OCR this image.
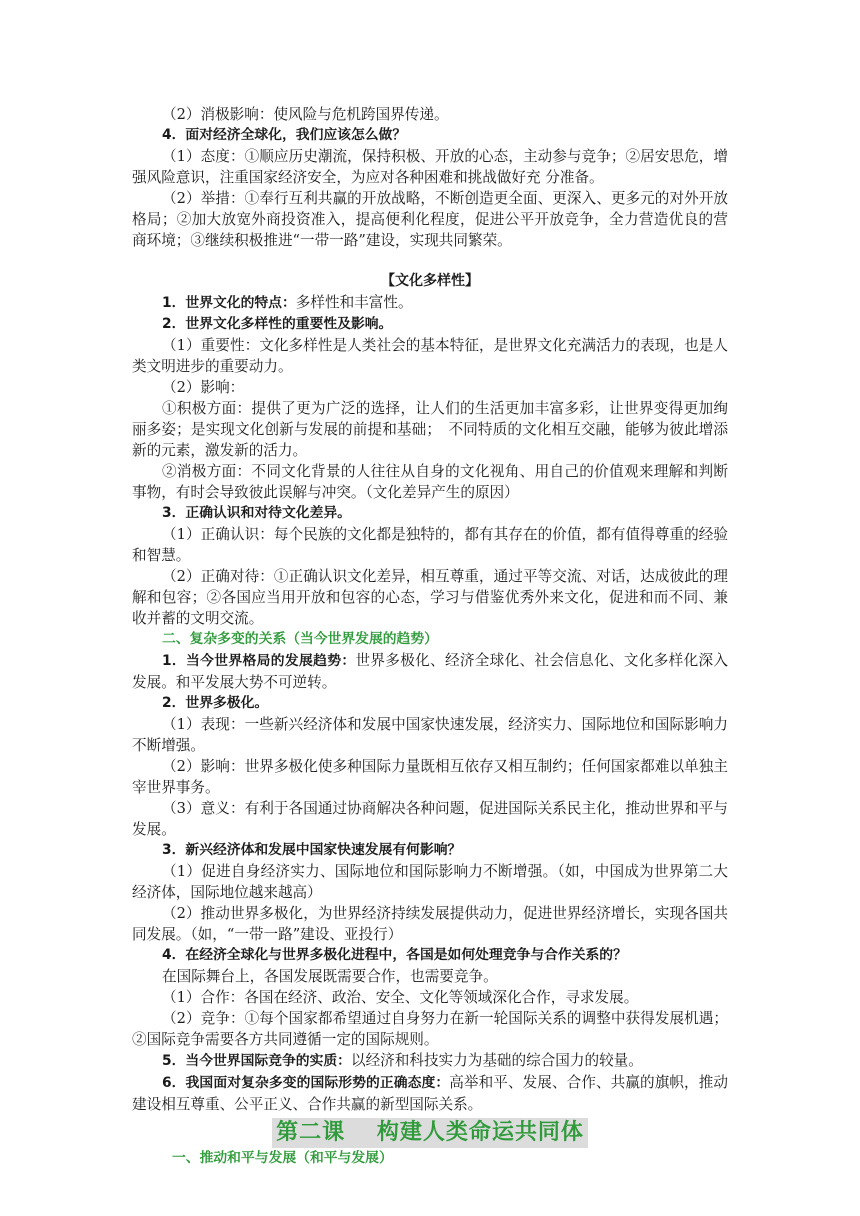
（2）消极影响：使风险与危机跨国界传递。

4．面对经济全球化，我们应该怎么做？

（1）态度：①顺应历史潮流，保持积极、开放的心态，主动参与竞争；②居安思危，增强风险意识，注重国家经济安全，为应对各种困难和挑战做好充 分准备。

（2）举措：①奉行互利共赢的开放战略，不断创造更全面、更深入、更多元的对外开放格局；②加大放宽外商投资准入，提高便利化程度，促进公平开放竞争，全力营造优良的营商环境；③继续积极推进“一带一路”建设，实现共同繁荣。

【文化多样性】

1．世界文化的特点：多样性和丰富性。

2．世界文化多样性的重要性及影响。

（1）重要性：文化多样性是人类社会的基本特征，是世界文化充满活力的表现，也是人类文明进步的重要动力。

（2）影响：

①积极方面：提供了更为广泛的选择，让人们的生活更加丰富多彩，让世界变得更加绚丽多姿；是实现文化创新与发展的前提和基础；　不同特质的文化相互交融，能够为彼此增添新的元素，激发新的活力。

②消极方面：不同文化背景的人往往从自身的文化视角、用自己的价值观来理解和判断事物，有时会导致彼此误解与冲突。（文化差异产生的原因）

3．正确认识和对待文化差异。

（1）正确认识：每个民族的文化都是独特的，都有其存在的价值，都有值得尊重的经验和智慧。

（2）正确对待：①正确认识文化差异，相互尊重，通过平等交流、对话，达成彼此的理解和包容；②各国应当用开放和包容的心态，学习与借鉴优秀外来文化，促进和而不同、兼收并蓄的文明交流。

二、复杂多变的关系（当今世界发展的趋势）

1．当今世界格局的发展趋势：世界多极化、经济全球化、社会信息化、文化多样化深入发展。和平发展大势不可逆转。

2．世界多极化。

（1）表现：一些新兴经济体和发展中国家快速发展，经济实力、国际地位和国际影响力不断增强。

（2）影响：世界多极化使多种国际力量既相互依存又相互制约；任何国家都难以单独主宰世界事务。

（3）意义：有利于各国通过协商解决各种问题，促进国际关系民主化，推动世界和平与发展。

3．新兴经济体和发展中国家快速发展有何影响？

（1）促进自身经济实力、国际地位和国际影响力不断增强。（如，中国成为世界第二大经济体，国际地位越来越高）

（2）推动世界多极化，为世界经济持续发展提供动力，促进世界经济增长，实现各国共同发展。（如，“一带一路”建设、亚投行）

4．在经济全球化与世界多极化进程中，各国是如何处理竞争与合作关系的？

在国际舞台上，各国发展既需要合作，也需要竞争。

（1）合作：各国在经济、政治、安全、文化等领域深化合作，寻求发展。

（2）竞争：①每个国家都希望通过自身努力在新一轮国际关系的调整中获得发展机遇；②国际竞争需要各方共同遵循一定的国际规则。

5．当今世界国际竞争的实质：以经济和科技实力为基础的综合国力的较量。

6．我国面对复杂多变的国际形势的正确态度：高举和平、发展、合作、共赢的旗帜，推动建设相互尊重、公平正义、合作共赢的新型国际关系。

第二课　 构建人类命运共同体

一、推动和平与发展（和平与发展）
